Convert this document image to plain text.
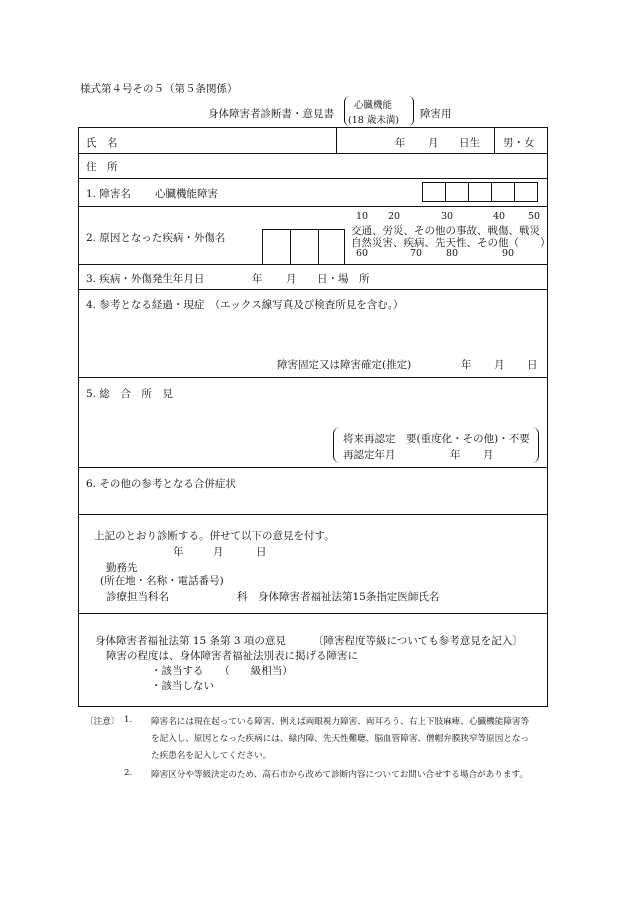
様式第４号その５（第５条関係）
身体障害者診断書・意見書
心臓機能
(18 歳未満)
障害用
氏　名	年 月 日生 男・女
住　所
1. 障害名 心臓機能障害
2. 原因となった疾病・外傷名
10 20	30	40 50
交通、労災、その他の事故、戦傷、戦災
自然災害、疾病、先天性、その他（　　）
60	70	80	90
3. 疾病・外傷発生年月日	年 月 日・場　所
4. 参考となる経過・現症　（エックス線写真及び検査所見を含む。）
障害固定又は障害確定(推定)	年 月 日
5. 総　合　所　見
将来再認定　要(重度化・その他)・不要
再認定年月	年 月
6. その他の参考となる合併症状
上記のとおり診断する。併せて以下の意見を付す。
年	月	日
勤務先
(所在地・名称・電話番号)
診療担当科名	科 身体障害者福祉法第15条指定医師氏名
身体障害者福祉法第 15 条第 3 項の意見	〔障害程度等級についても参考意見を記入〕
障害の程度は、身体障害者福祉法別表に掲げる障害に
・該当する　　（　　級相当）
・該当しない
〔注意〕 1. 障害名には現在起っている障害、例えば両眼視力障害、両耳ろう、右上下肢麻痺、心臓機能障害等
を記入し、原因となった疾病には、緑内障、先天性難聴、脳血管障害、僧帽弁膜狭窄等原因となっ
た疾患名を記入してください。
2. 障害区分や等級決定のため、高石市から改めて診断内容についてお問い合せする場合があります。
